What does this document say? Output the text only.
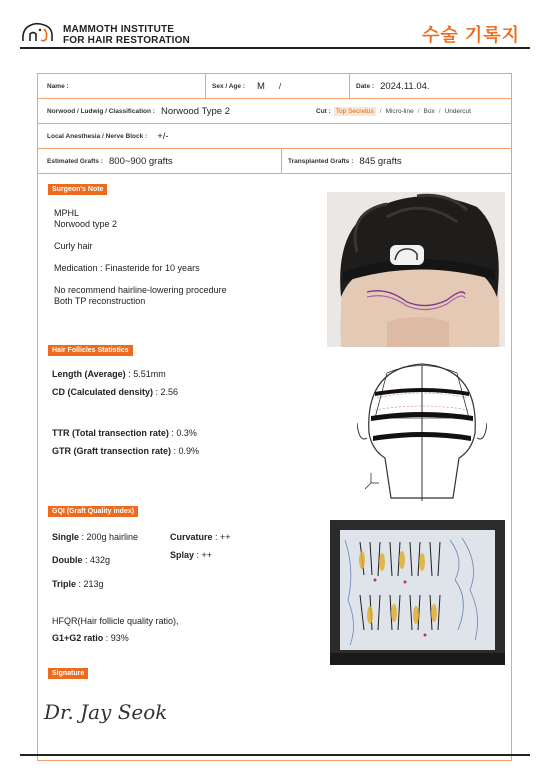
MAMMOTH INSTITUTE
FOR HAIR RESTORATION	수술 기록지
Name :	Sex / Age : M /	Date : 2024.11.04.
Norwood / Ludwig / Classification : Norwood Type 2	Cut : Top Secretus / Micro-line / Box / Undercut
Local Anesthesia / Nerve Block : +/-
Estimated Grafts : 800~900 grafts	Transplanted Grafts : 845 grafts
Surgeon's Note
MPHL
Norwood type 2
Curly hair
Medication : Finasteride for 10 years
No recommend hairline-lowering procedure
Both TP reconstruction
Hair Follicles Statistics
Length (Average) : 5.51mm
CD (Calculated density) : 2.56
TTR (Total transection rate) : 0.3%
GTR (Graft transection rate) : 0.9%
GQI (Graft Quality index)
Single : 200g hairline	Curvature : ++
Splay : ++
Double : 432g
Triple : 213g
HFQR(Hair follicle quality ratio),
G1+G2 ratio : 93%
Signature
Dr. Jay Seok
